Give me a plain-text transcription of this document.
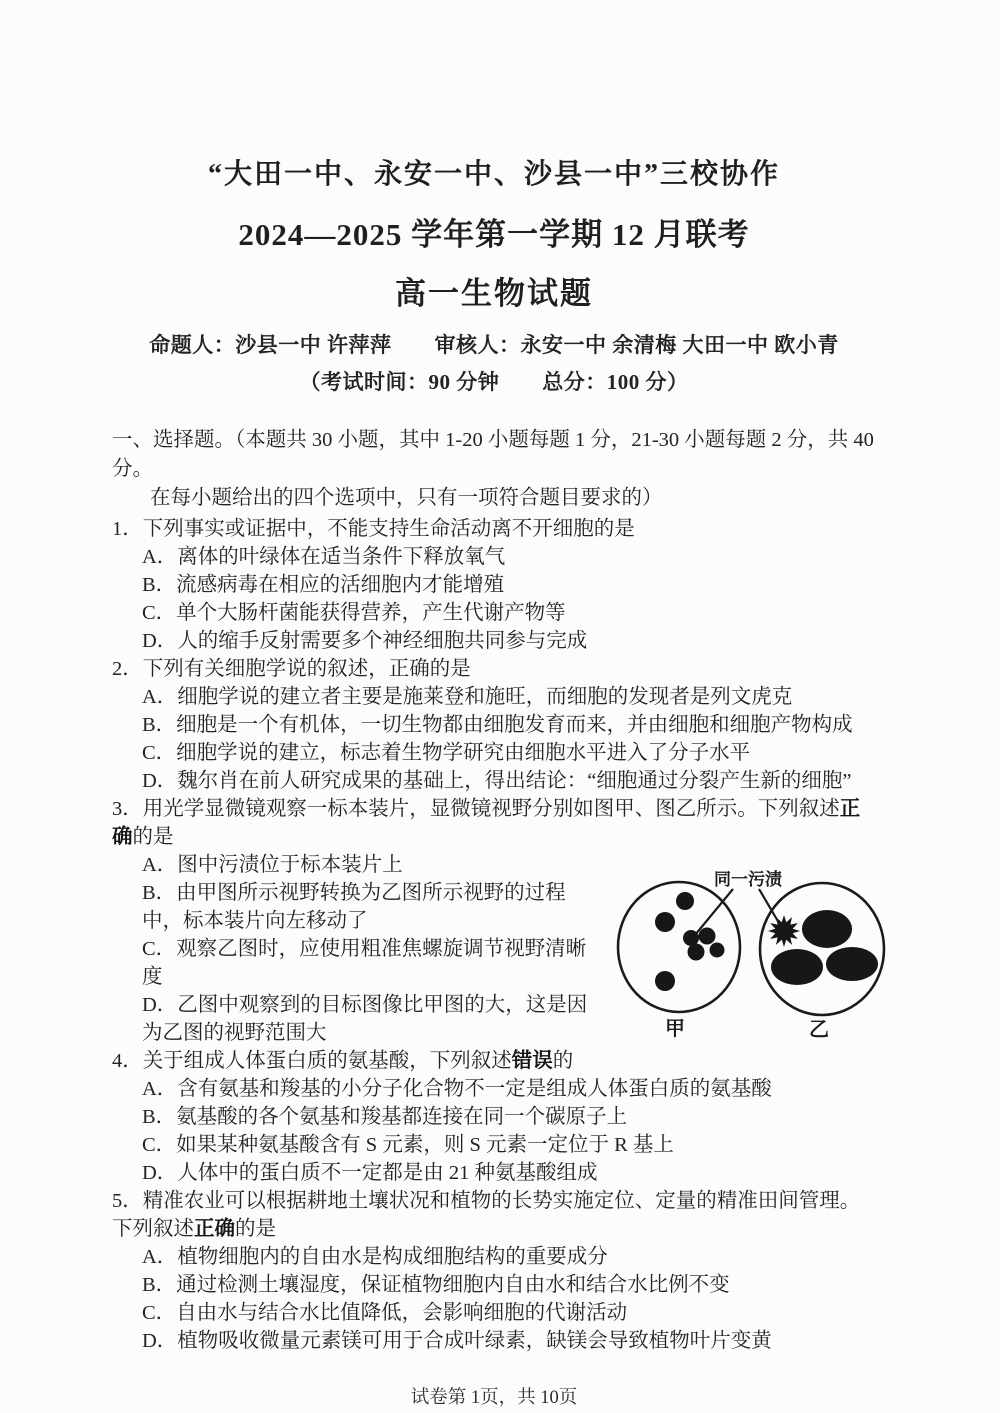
“大田一中、永安一中、沙县一中”三校协作
2024—2025 学年第一学期 12 月联考
高一生物试题
命题人：沙县一中 许萍萍　　审核人：永安一中 余清梅 大田一中 欧小青
（考试时间：90 分钟　　总分：100 分）
一、选择题。（本题共 30 小题，其中 1-20 小题每题 1 分，21-30 小题每题 2 分，共 40 分。
在每小题给出的四个选项中，只有一项符合题目要求的）
1．下列事实或证据中，不能支持生命活动离不开细胞的是
A．离体的叶绿体在适当条件下释放氧气
B．流感病毒在相应的活细胞内才能增殖
C．单个大肠杆菌能获得营养，产生代谢产物等
D．人的缩手反射需要多个神经细胞共同参与完成
2．下列有关细胞学说的叙述，正确的是
A．细胞学说的建立者主要是施莱登和施旺，而细胞的发现者是列文虎克
B．细胞是一个有机体，一切生物都由细胞发育而来，并由细胞和细胞产物构成
C．细胞学说的建立，标志着生物学研究由细胞水平进入了分子水平
D．魏尔肖在前人研究成果的基础上，得出结论：“细胞通过分裂产生新的细胞”
3．用光学显微镜观察一标本装片，显微镜视野分别如图甲、图乙所示。下列叙述正确的是
同一污渍
甲	乙
A．图中污渍位于标本装片上
B．由甲图所示视野转换为乙图所示视野的过程中，标本装片向左移动了
C．观察乙图时，应使用粗准焦螺旋调节视野清晰度
D．乙图中观察到的目标图像比甲图的大，这是因为乙图的视野范围大
4．关于组成人体蛋白质的氨基酸，下列叙述错误的
A．含有氨基和羧基的小分子化合物不一定是组成人体蛋白质的氨基酸
B．氨基酸的各个氨基和羧基都连接在同一个碳原子上
C．如果某种氨基酸含有 S 元素，则 S 元素一定位于 R 基上
D．人体中的蛋白质不一定都是由 21 种氨基酸组成
5．精准农业可以根据耕地土壤状况和植物的长势实施定位、定量的精准田间管理。下列叙述正确的是
A．植物细胞内的自由水是构成细胞结构的重要成分
B．通过检测土壤湿度，保证植物细胞内自由水和结合水比例不变
C．自由水与结合水比值降低，会影响细胞的代谢活动
D．植物吸收微量元素镁可用于合成叶绿素，缺镁会导致植物叶片变黄
试卷第 1页，共 10页
